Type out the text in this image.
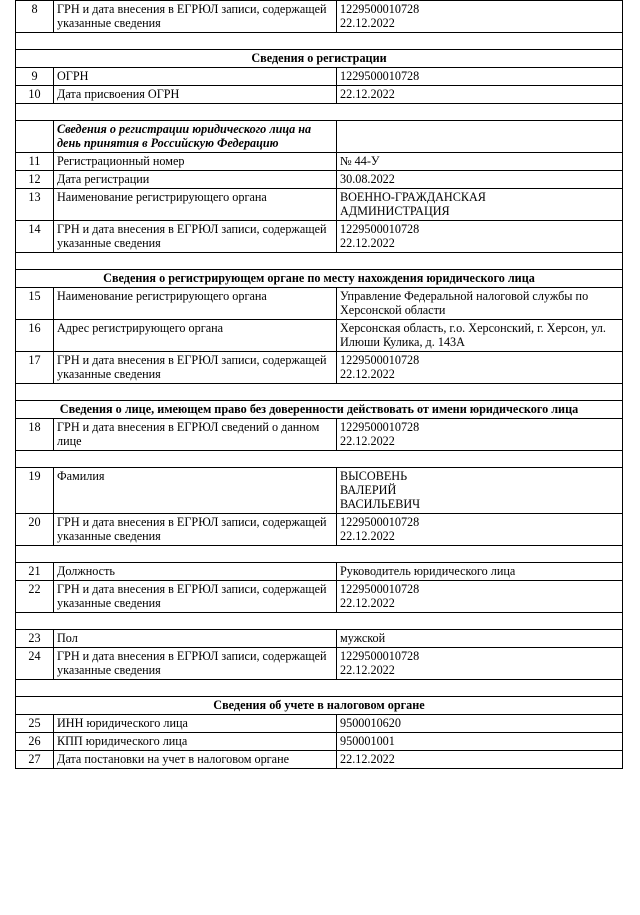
8	ГРН и дата внесения в ЕГРЮЛ записи, содержащей указанные сведения	1229500010728
22.12.2022

Сведения о регистрации		
9	ОГРН	1229500010728
10	Дата присвоения ОГРН	22.12.2022

	Сведения о регистрации юридического лица на день принятия в Российскую Федерацию	
11	Регистрационный номер	№ 44-У
12	Дата регистрации	30.08.2022
13	Наименование регистрирующего органа	ВОЕННО-ГРАЖДАНСКАЯ
АДМИНИСТРАЦИЯ
14	ГРН и дата внесения в ЕГРЮЛ записи, содержащей указанные сведения	1229500010728
22.12.2022

Сведения о регистрирующем органе по месту нахождения юридического лица		
15	Наименование регистрирующего органа	Управление Федеральной налоговой службы по Херсонской области
16	Адрес регистрирующего органа	Херсонская область, г.о. Херсонский, г. Херсон, ул. Илюши Кулика, д. 143А
17	ГРН и дата внесения в ЕГРЮЛ записи, содержащей указанные сведения	1229500010728
22.12.2022

Сведения о лице, имеющем право без доверенности действовать от имени юридического лица		
18	ГРН и дата внесения в ЕГРЮЛ сведений о данном лице	1229500010728
22.12.2022

19	Фамилия	ВЫСОВЕНЬ
ВАЛЕРИЙ
ВАСИЛЬЕВИЧ
20	ГРН и дата внесения в ЕГРЮЛ записи, содержащей указанные сведения	1229500010728
22.12.2022

21	Должность	Руководитель юридического лица
22	ГРН и дата внесения в ЕГРЮЛ записи, содержащей указанные сведения	1229500010728
22.12.2022

23	Пол	мужской
24	ГРН и дата внесения в ЕГРЮЛ записи, содержащей указанные сведения	1229500010728
22.12.2022

Сведения об учете в налоговом органе		
25	ИНН юридического лица	9500010620
26	КПП юридического лица	950001001
27	Дата постановки на учет в налоговом органе	22.12.2022
